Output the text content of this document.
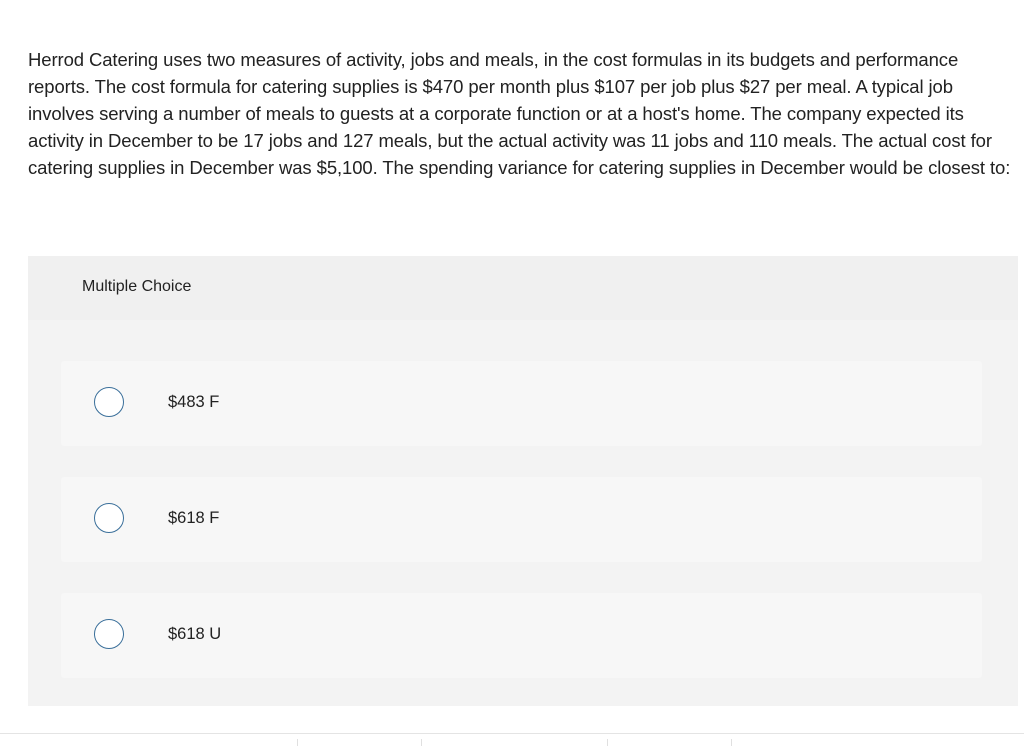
Herrod Catering uses two measures of activity, jobs and meals, in the cost formulas in its budgets and performance reports. The cost formula for catering supplies is $470 per month plus $107 per job plus $27 per meal. A typical job involves serving a number of meals to guests at a corporate function or at a host's home. The company expected its activity in December to be 17 jobs and 127 meals, but the actual activity was 11 jobs and 110 meals. The actual cost for catering supplies in December was $5,100. The spending variance for catering supplies in December would be closest to:

Multiple Choice
$483 F
$618 F
$618 U
